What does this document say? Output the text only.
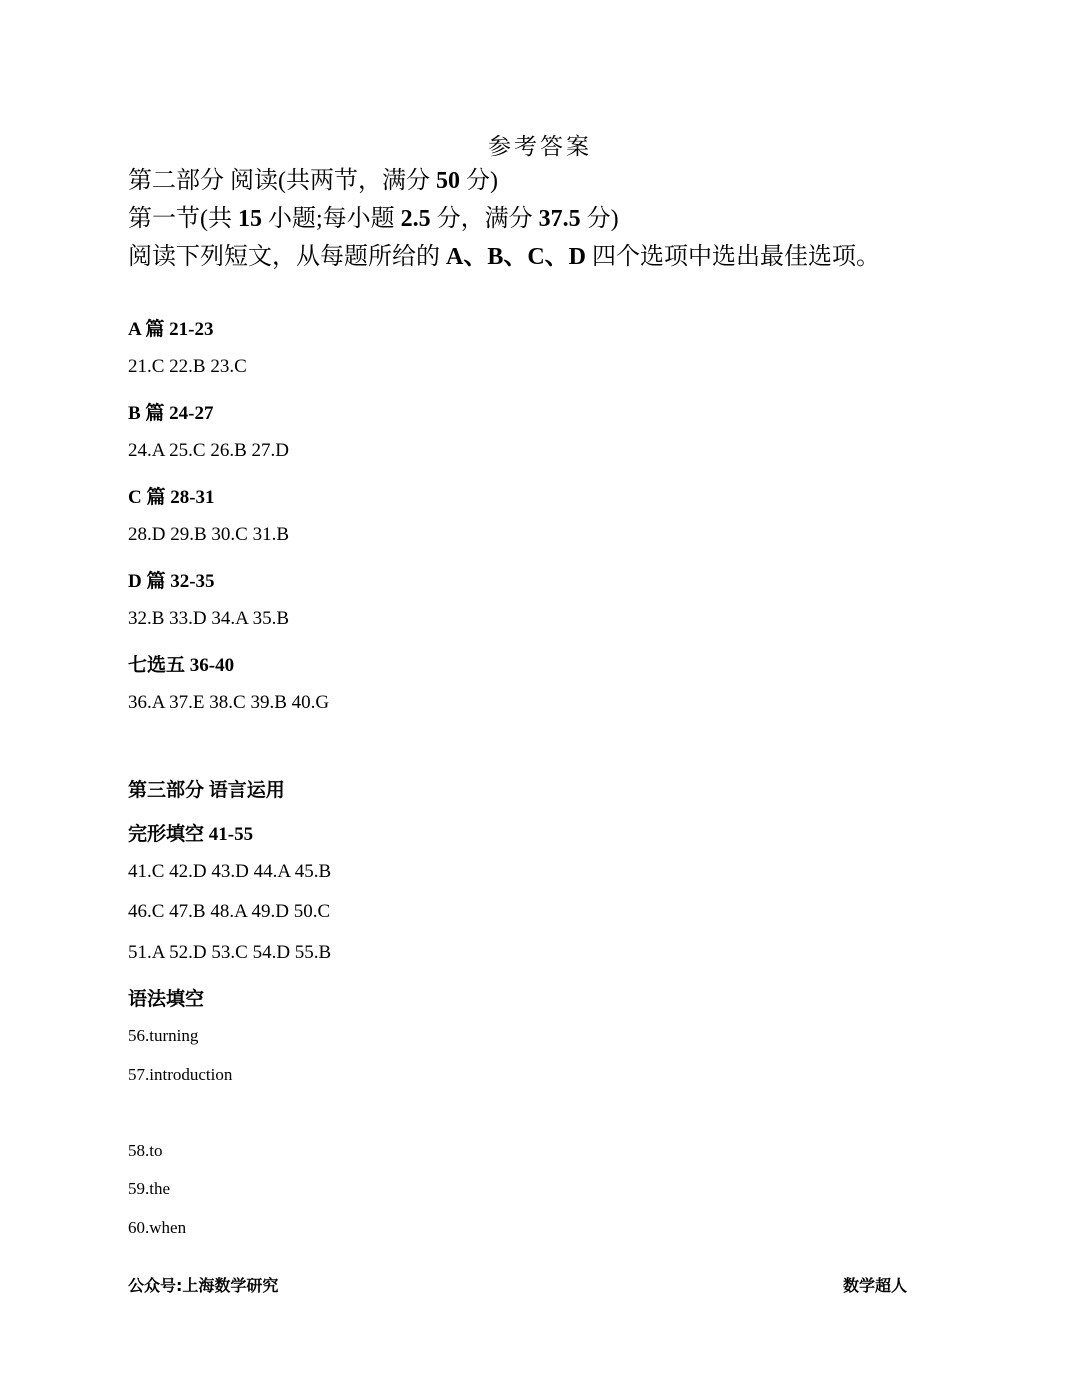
参考答案
第二部分 阅读(共两节，满分 50 分)
第一节(共 15 小题;每小题 2.5 分，满分 37.5 分)
阅读下列短文，从每题所给的 A、B、C、D 四个选项中选出最佳选项。
A 篇 21-23
21.C 22.B 23.C
B 篇 24-27
24.A 25.C 26.B 27.D
C 篇 28-31
28.D 29.B 30.C 31.B
D 篇 32-35
32.B 33.D 34.A 35.B
七选五 36-40
36.A 37.E 38.C 39.B 40.G
第三部分 语言运用
完形填空 41-55
41.C 42.D 43.D 44.A 45.B
46.C 47.B 48.A 49.D 50.C
51.A 52.D 53.C 54.D 55.B
语法填空
56.turning
57.introduction
58.to
59.the
60.when
公众号:上海数学研究	数学超人
